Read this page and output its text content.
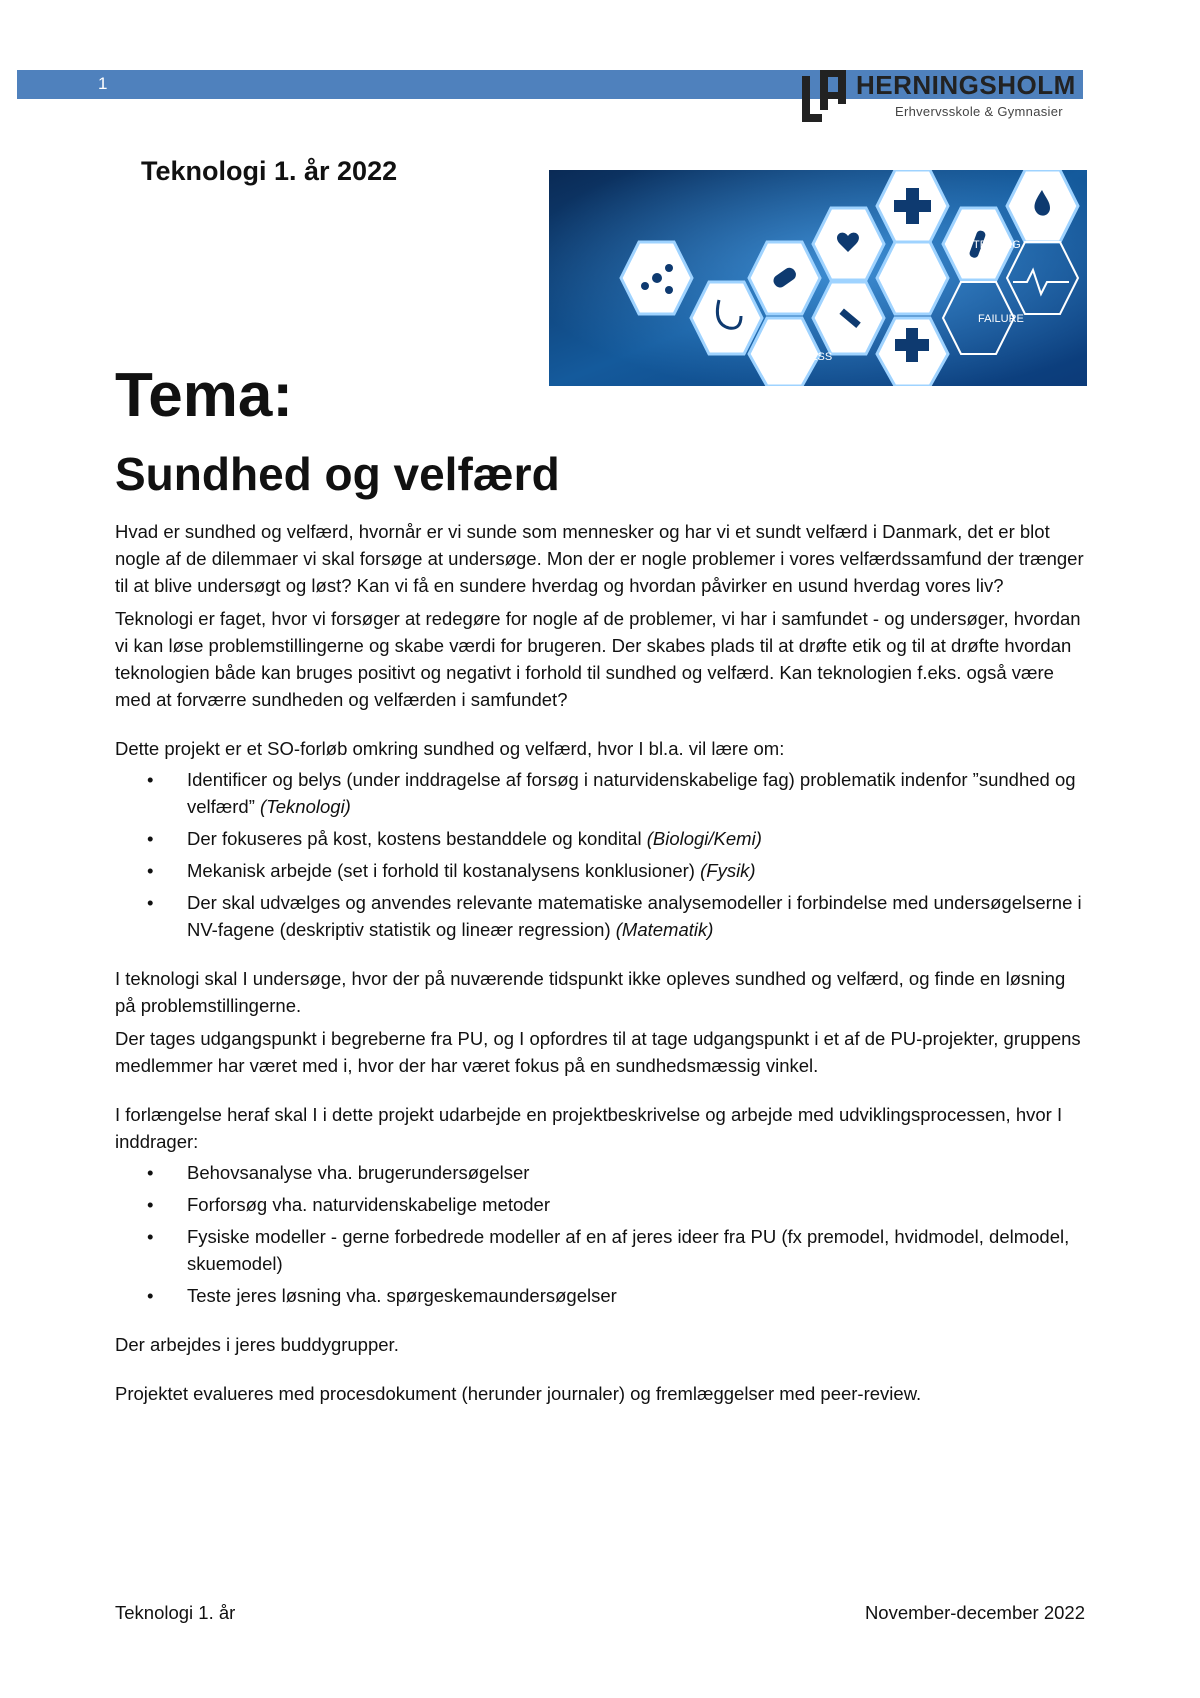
1	HERNINGSHOLM
Erhvervsskole & Gymnasier
Teknologi 1. år 2022
TESTING
FAILURE
SUCCESS
Tema:
Sundhed og velfærd

Hvad er sundhed og velfærd, hvornår er vi sunde som mennesker og har vi et sundt velfærd i Danmark, det er blot nogle af de dilemmaer vi skal forsøge at undersøge. Mon der er nogle problemer i vores velfærdssamfund der trænger til at blive undersøgt og løst? Kan vi få en sundere hverdag og hvordan påvirker en usund hverdag vores liv?

Teknologi er faget, hvor vi forsøger at redegøre for nogle af de problemer, vi har i samfundet - og undersøger, hvordan vi kan løse problemstillingerne og skabe værdi for brugeren. Der skabes plads til at drøfte etik og til at drøfte hvordan teknologien både kan bruges positivt og negativt i forhold til sundhed og velfærd. Kan teknologien f.eks. også være med at forværre sundheden og velfærden i samfundet?

Dette projekt er et SO-forløb omkring sundhed og velfærd, hvor I bl.a. vil lære om:

• Identificer og belys (under inddragelse af forsøg i naturvidenskabelige fag) problematik indenfor ”sundhed og velfærd” (Teknologi)
• Der fokuseres på kost, kostens bestanddele og kondital (Biologi/Kemi)
• Mekanisk arbejde (set i forhold til kostanalysens konklusioner) (Fysik)
• Der skal udvælges og anvendes relevante matematiske analysemodeller i forbindelse med undersøgelserne i NV-fagene (deskriptiv statistik og lineær regression) (Matematik)

I teknologi skal I undersøge, hvor der på nuværende tidspunkt ikke opleves sundhed og velfærd, og finde en løsning på problemstillingerne.

Der tages udgangspunkt i begreberne fra PU, og I opfordres til at tage udgangspunkt i et af de PU-projekter, gruppens medlemmer har været med i, hvor der har været fokus på en sundhedsmæssig vinkel.

I forlængelse heraf skal I i dette projekt udarbejde en projektbeskrivelse og arbejde med udviklingsprocessen, hvor I inddrager:

• Behovsanalyse vha. brugerundersøgelser
• Forforsøg vha. naturvidenskabelige metoder
• Fysiske modeller - gerne forbedrede modeller af en af jeres ideer fra PU (fx premodel, hvidmodel, delmodel, skuemodel)
• Teste jeres løsning vha. spørgeskemaundersøgelser

Der arbejdes i jeres buddygrupper.

Projektet evalueres med procesdokument (herunder journaler) og fremlæggelser med peer-review.

Teknologi 1. år	November-december 2022
